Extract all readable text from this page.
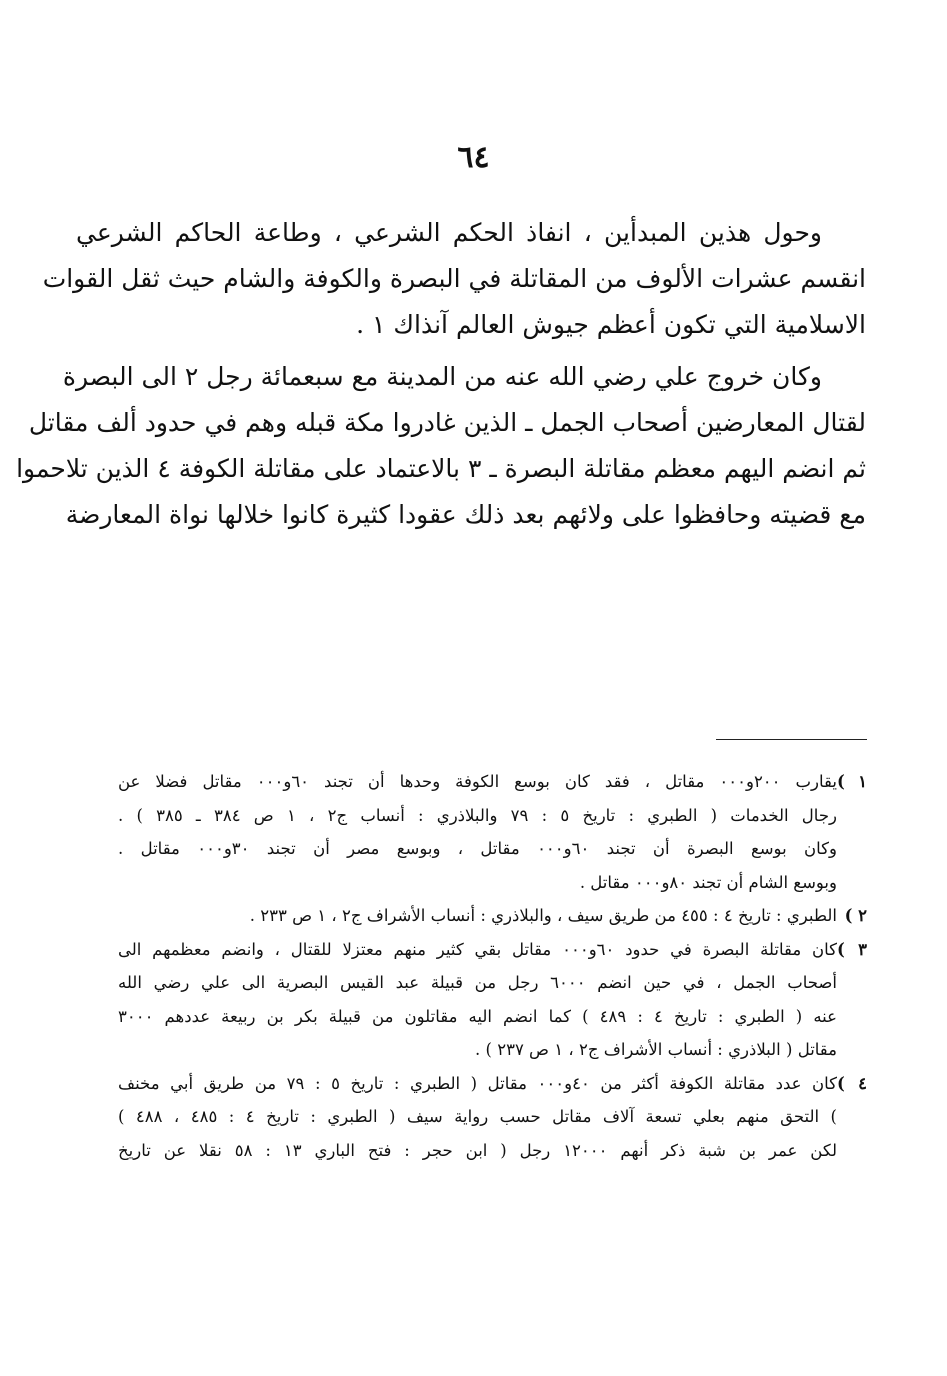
٦٤
وحول هذين المبدأين ، انفاذ الحكم الشرعي ، وطاعة الحاكم الشرعي
انقسم عشرات الألوف من المقاتلة في البصرة والكوفة والشام حيث ثقل القوات
الاسلامية التي تكون أعظم جيوش العالم آنذاك ١ .
وكان خروج علي رضي الله عنه من المدينة مع سبعمائة رجل ٢ الى البصرة
لقتال المعارضين أصحاب الجمل ـ الذين غادروا مكة قبله وهم في حدود ألف مقاتل
ثم انضم اليهم معظم مقاتلة البصرة ـ ٣ بالاعتماد على مقاتلة الكوفة ٤ الذين تلاحموا
مع قضيته وحافظوا على ولائهم بعد ذلك عقودا كثيرة كانوا خلالها نواة المعارضة
١ )يقارب ٢٠٠و٠٠٠ مقاتل ، فقد كان بوسع الكوفة وحدها أن تجند ٦٠و٠٠٠ مقاتل فضلا عن
رجال الخدمات ( الطبري : تاريخ ٥ : ٧٩ والبلاذري : أنساب ج٢ ، ١ ص ٣٨٤ ـ ٣٨٥ ) .
وكان بوسع البصرة أن تجند ٦٠و٠٠٠ مقاتل ، وبوسع مصر أن تجند ٣٠و٠٠٠ مقاتل .
وبوسع الشام أن تجند ٨٠و٠٠٠ مقاتل .
٢ )الطبري : تاريخ ٤ : ٤٥٥ من طريق سيف ، والبلاذري : أنساب الأشراف ج٢ ، ١ ص ٢٣٣ .
٣ )كان مقاتلة البصرة في حدود ٦٠و٠٠٠ مقاتل بقي كثير منهم معتزلا للقتال ، وانضم معظمهم الى
أصحاب الجمل ، في حين انضم ٦٠٠٠ رجل من قبيلة عبد القيس البصرية الى علي رضي الله
عنه ( الطبري : تاريخ ٤ : ٤٨٩ ) كما انضم اليه مقاتلون من قبيلة بكر بن ربيعة عددهم ٣٠٠٠
مقاتل ( البلاذري : أنساب الأشراف ج٢ ، ١ ص ٢٣٧ ) .
٤ )كان عدد مقاتلة الكوفة أكثر من ٤٠و٠٠٠ مقاتل ( الطبري : تاريخ ٥ : ٧٩ من طريق أبي مخنف
) التحق منهم بعلي تسعة آلاف مقاتل حسب رواية سيف ( الطبري : تاريخ ٤ : ٤٨٥ ، ٤٨٨ )
لكن عمر بن شبة ذكر أنهم ١٢٠٠٠ رجل ( ابن حجر : فتح الباري ١٣ : ٥٨ نقلا عن تاريخ
